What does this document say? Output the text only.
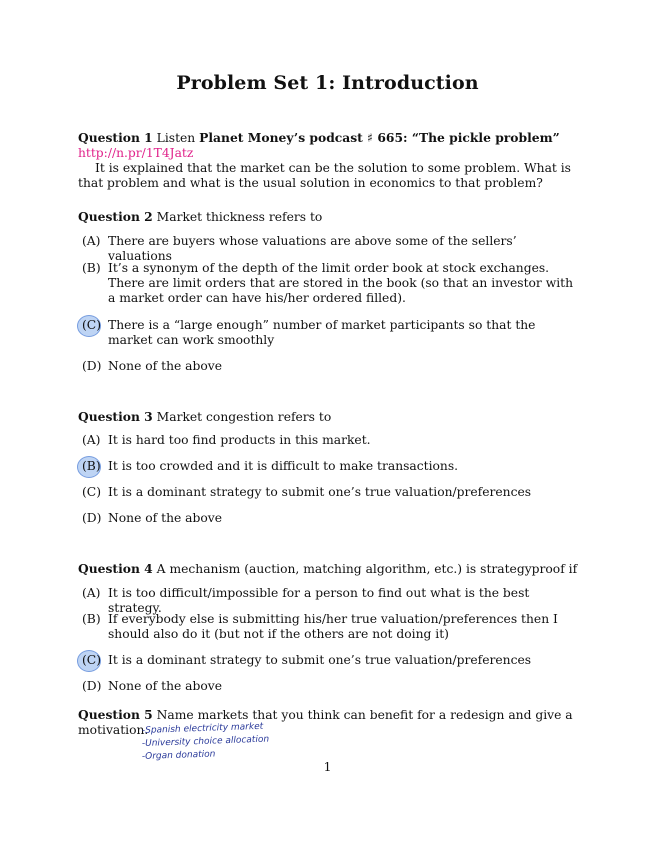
Problem Set 1: Introduction
Question 1 Listen Planet Money’s podcast ♯ 665: “The pickle problem” http://n.pr/1T4Jatz
It is explained that the market can be the solution to some problem. What is that problem and what is the usual solution in economics to that problem?
Question 2 Market thickness refers to
(A) There are buyers whose valuations are above some of the sellers’ valuations
(B) It’s a synonym of the depth of the limit order book at stock exchanges. There are limit orders that are stored in the book (so that an investor with a market order can have his/her ordered filled).
(C) There is a “large enough” number of market participants so that the market can work smoothly
(D) None of the above
Question 3 Market congestion refers to
(A) It is hard too find products in this market.
(B) It is too crowded and it is difficult to make transactions.
(C) It is a dominant strategy to submit one’s true valuation/preferences
(D) None of the above
Question 4 A mechanism (auction, matching algorithm, etc.) is strategyproof if
(A) It is too difficult/impossible for a person to find out what is the best strategy.
(B) If everybody else is submitting his/her true valuation/preferences then I should also do it (but not if the others are not doing it)
(C) It is a dominant strategy to submit one’s true valuation/preferences
(D) None of the above
Question 5 Name markets that you think can benefit for a redesign and give a motivation.
-Spanish electricity market
-University choice allocation
-Organ donation
1
